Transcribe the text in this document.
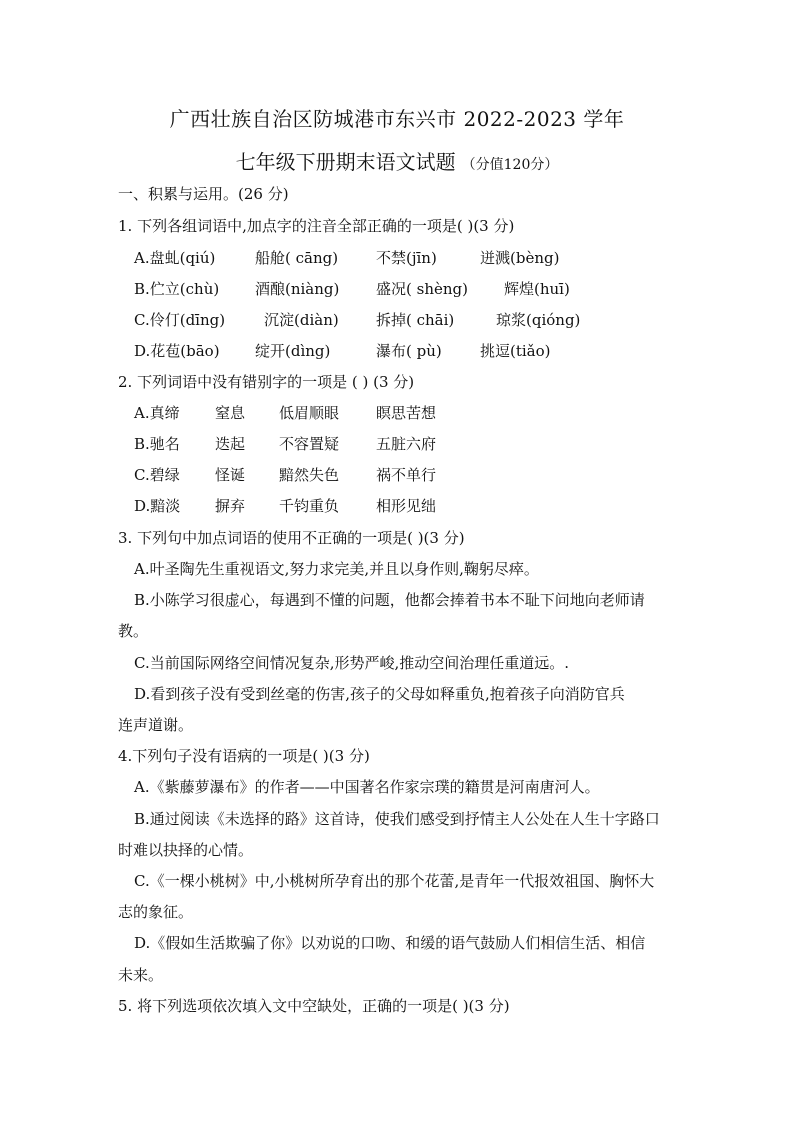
广西壮族自治区防城港市东兴市 2022-2023 学年
七年级下册期末语文试题 （分值120分）
一、积累与运用。(26 分)
1. 下列各组词语中,加点字的注音全部正确的一项是( )(3 分)
A.盘虬(qiú)	船舱( cāng)	不禁(jīn)	迸溅(bèng)
B.伫立(chù) 酒酿(niàng) 盛况( shèng) 辉煌(huī)
C.伶仃(dīng)	沉淀(diàn) 拆掉( chāi)	琼浆(qióng)
D.花苞(bāo) 绽开(dìng)	瀑布( pù)	挑逗(tiǎo)
2. 下列词语中没有错别字的一项是 ( ) (3 分)
A.真缔 窒息 低眉顺眼 瞑思苦想
B.驰名 迭起 不容置疑 五脏六府
C.碧绿 怪诞 黯然失色 祸不单行
D.黯淡 摒弃 千钧重负 相形见绌
3. 下列句中加点词语的使用不正确的一项是( )(3 分)
A.叶圣陶先生重视语文,努力求完美,并且以身作则,鞠躬尽瘁。
B.小陈学习很虚心，每遇到不懂的问题，他都会捧着书本不耻下问地向老师请
教。
C.当前国际网络空间情况复杂,形势严峻,推动空间治理任重道远。.
D.看到孩子没有受到丝毫的伤害,孩子的父母如释重负,抱着孩子向消防官兵
连声道谢。
4.下列句子没有语病的一项是( )(3 分)
A.《紫藤萝瀑布》的作者——中国著名作家宗璞的籍贯是河南唐河人。
B.通过阅读《未选择的路》这首诗，使我们感受到抒情主人公处在人生十字路口
时难以抉择的心情。
C.《一棵小桃树》中,小桃树所孕育出的那个花蕾,是青年一代报效祖国、胸怀大
志的象征。
D.《假如生活欺骗了你》以劝说的口吻、和缓的语气鼓励人们相信生活、相信
未来。
5. 将下列选项依次填入文中空缺处，正确的一项是( )(3 分)
